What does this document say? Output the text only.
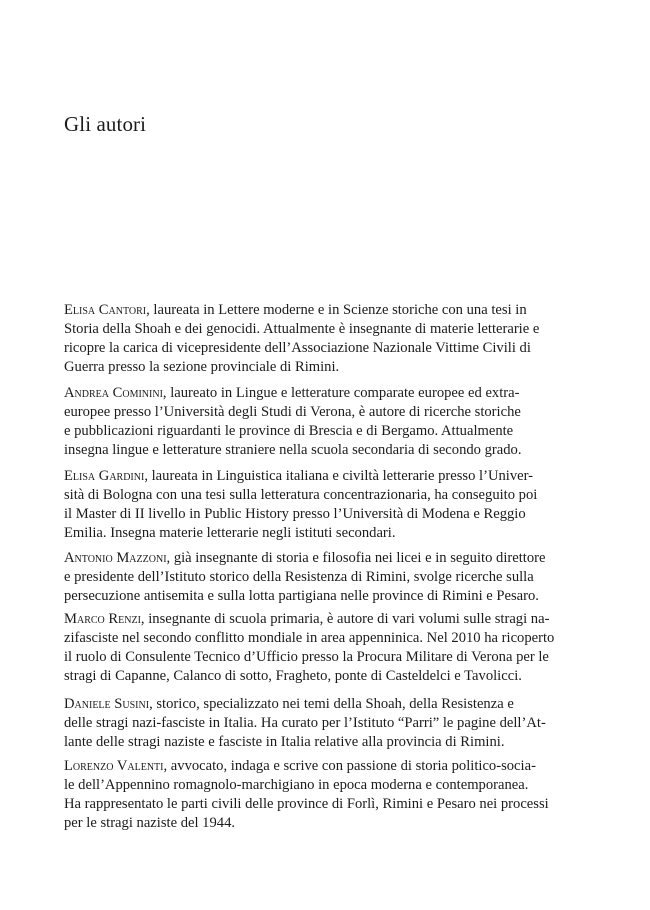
Gli autori

Elisa Cantori, laureata in Lettere moderne e in Scienze storiche con una tesi in
Storia della Shoah e dei genocidi. Attualmente è insegnante di materie letterarie e
ricopre la carica di vicepresidente dell’Associazione Nazionale Vittime Civili di
Guerra presso la sezione provinciale di Rimini.

Andrea Cominini, laureato in Lingue e letterature comparate europee ed extra-
europee presso l’Università degli Studi di Verona, è autore di ricerche storiche
e pubblicazioni riguardanti le province di Brescia e di Bergamo. Attualmente
insegna lingue e letterature straniere nella scuola secondaria di secondo grado.

Elisa Gardini, laureata in Linguistica italiana e civiltà letterarie presso l’Univer-
sità di Bologna con una tesi sulla letteratura concentrazionaria, ha conseguito poi
il Master di II livello in Public History presso l’Università di Modena e Reggio
Emilia. Insegna materie letterarie negli istituti secondari.

Antonio Mazzoni, già insegnante di storia e filosofia nei licei e in seguito direttore
e presidente dell’Istituto storico della Resistenza di Rimini, svolge ricerche sulla
persecuzione antisemita e sulla lotta partigiana nelle province di Rimini e Pesaro.

Marco Renzi, insegnante di scuola primaria, è autore di vari volumi sulle stragi na-
zifasciste nel secondo conflitto mondiale in area appenninica. Nel 2010 ha ricoperto
il ruolo di Consulente Tecnico d’Ufficio presso la Procura Militare di Verona per le
stragi di Capanne, Calanco di sotto, Fragheto, ponte di Casteldelci e Tavolicci.

Daniele Susini, storico, specializzato nei temi della Shoah, della Resistenza e
delle stragi nazi-fasciste in Italia. Ha curato per l’Istituto “Parri” le pagine dell’At-
lante delle stragi naziste e fasciste in Italia relative alla provincia di Rimini.

Lorenzo Valenti, avvocato, indaga e scrive con passione di storia politico-socia-
le dell’Appennino romagnolo-marchigiano in epoca moderna e contemporanea.
Ha rappresentato le parti civili delle province di Forlì, Rimini e Pesaro nei processi
per le stragi naziste del 1944.
